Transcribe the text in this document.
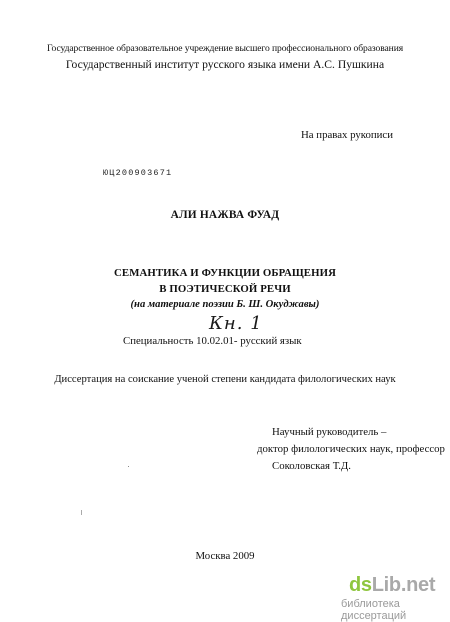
Государственное образовательное учреждение высшего профессионального образования
Государственный институт русского языка имени А.С. Пушкина
На правах рукописи
ЮЦ200903671
АЛИ НАЖВА ФУАД
СЕМАНТИКА И ФУНКЦИИ ОБРАЩЕНИЯ
В ПОЭТИЧЕСКОЙ РЕЧИ
(на материале поэзии Б. Ш. Окуджавы)
Кн. 1
Специальность 10.02.01- русский язык
Диссертация на соискание ученой степени кандидата филологических наук
Научный руководитель –
доктор филологических наук, профессор
Соколовская Т.Д.
Москва 2009
dsLib.net
библиотека диссертаций
